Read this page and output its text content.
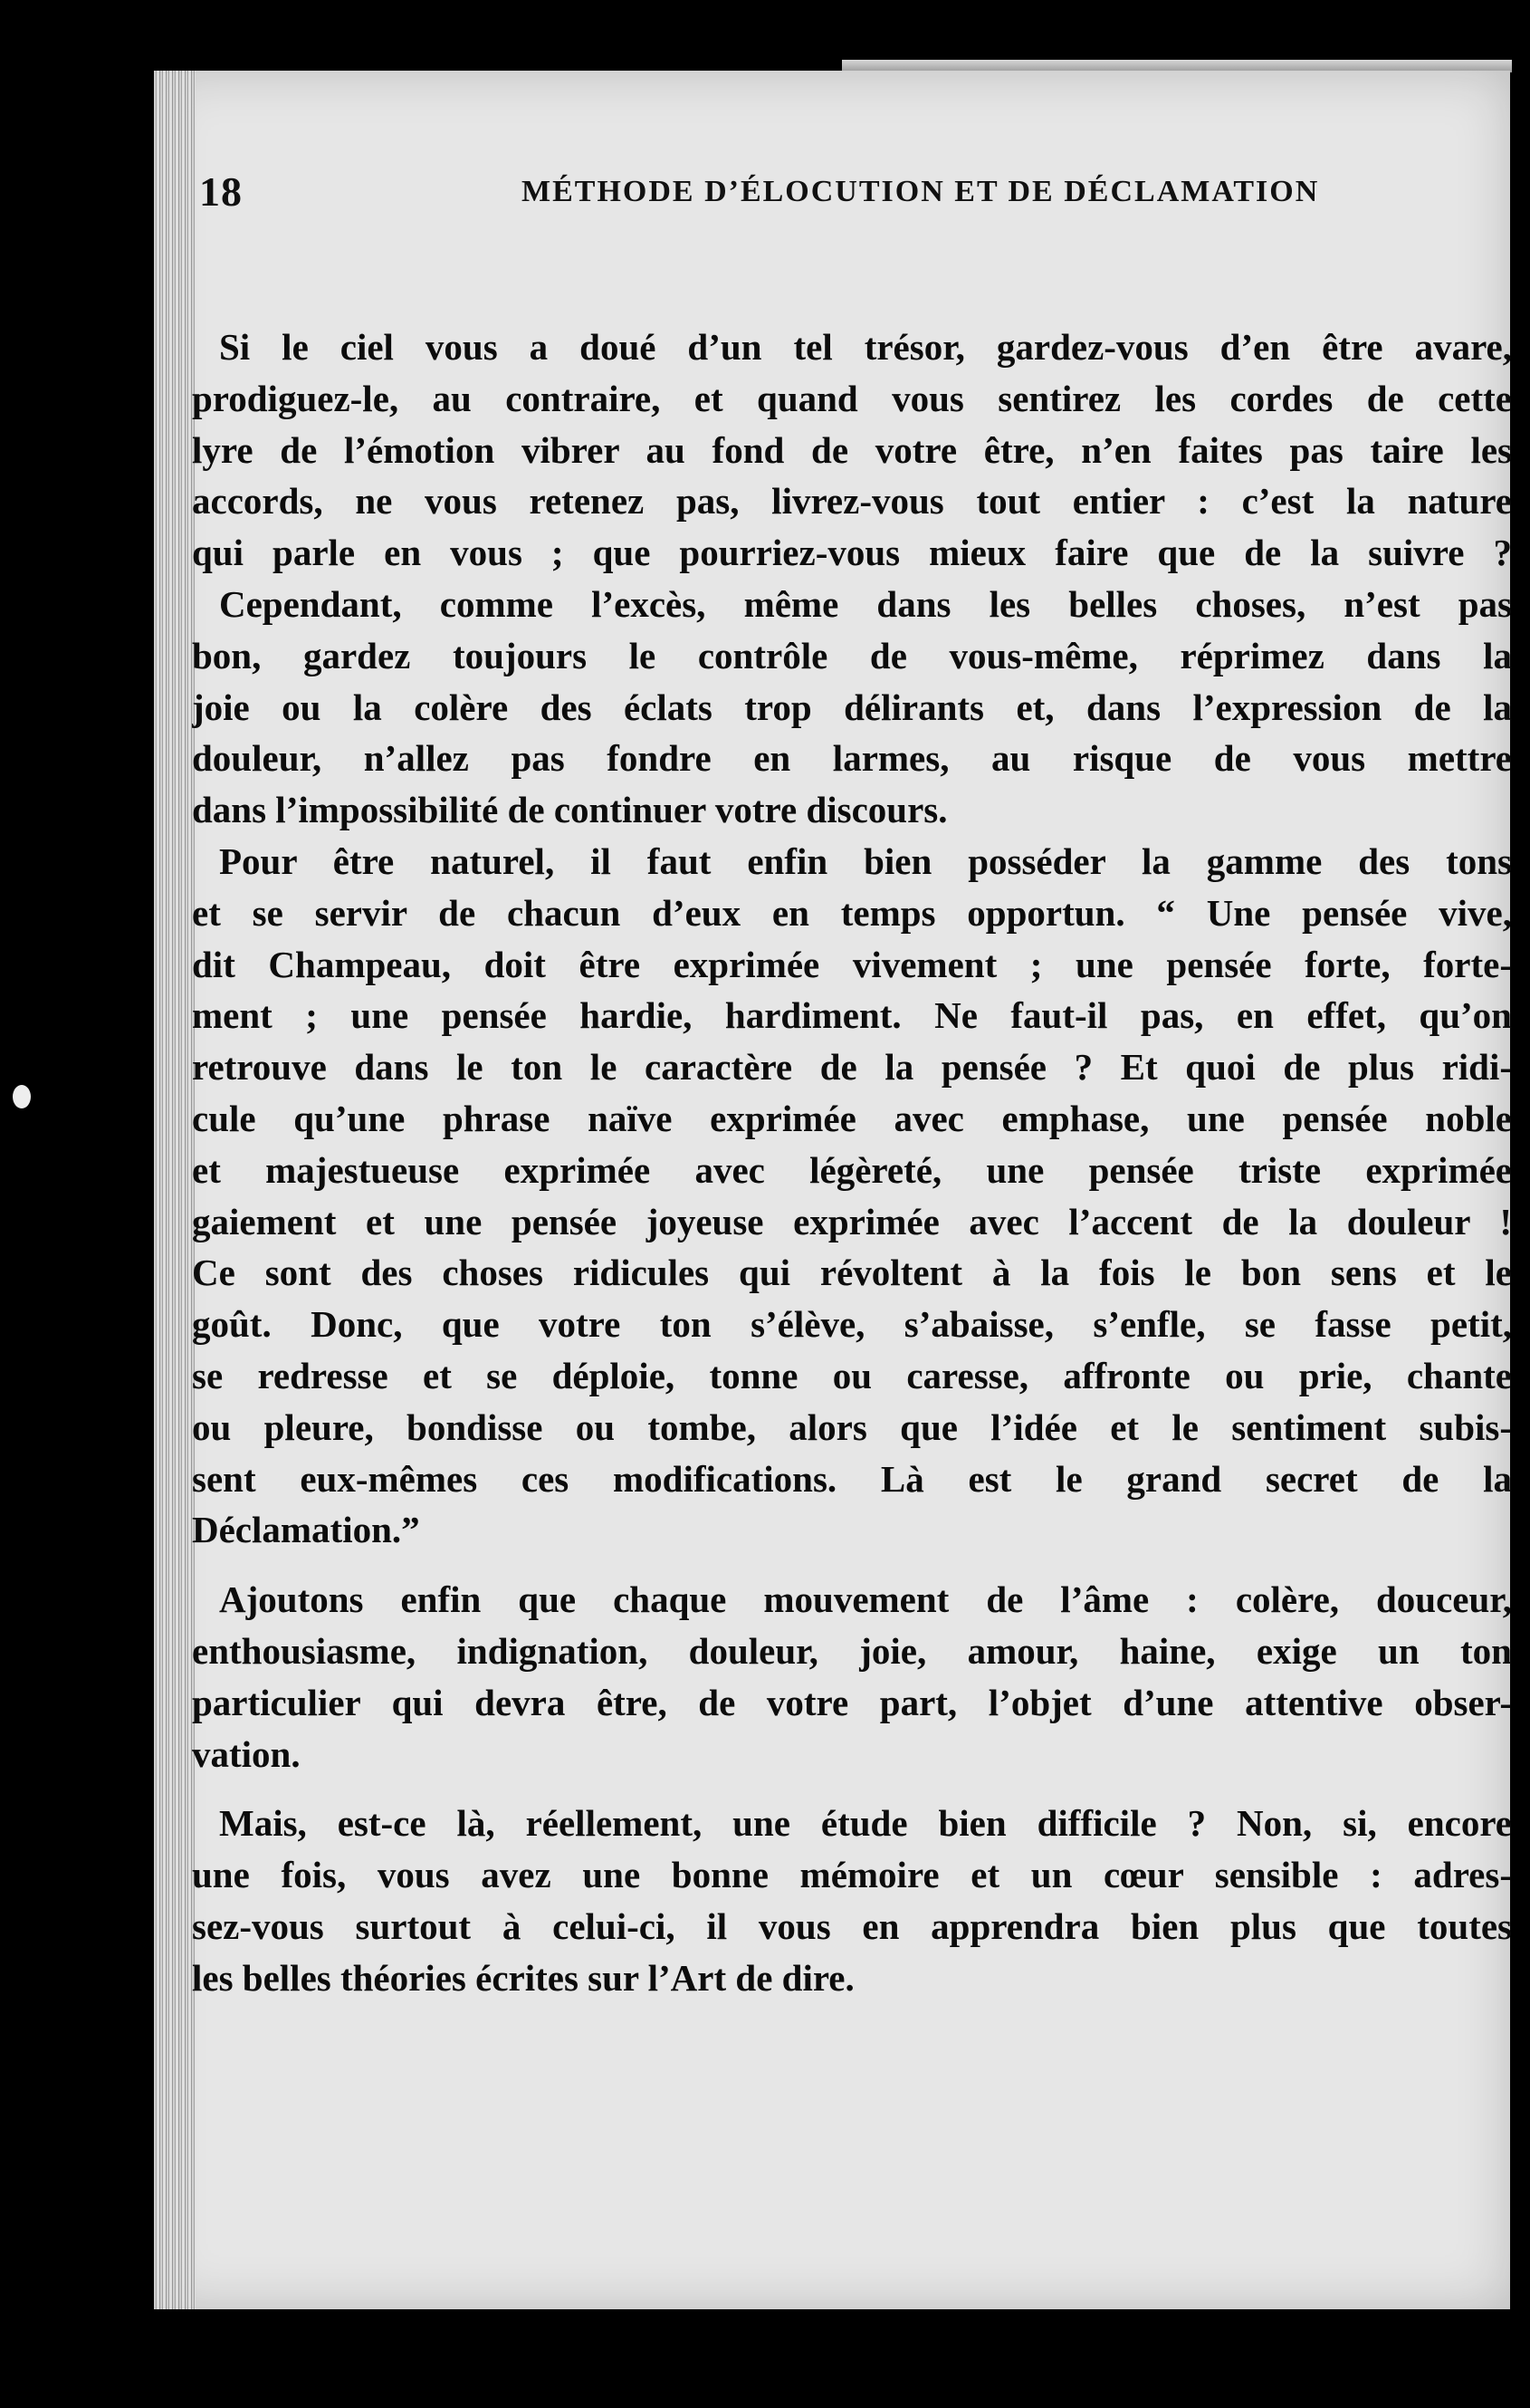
18	MÉTHODE D’ÉLOCUTION ET DE DÉCLAMATION
Si le ciel vous a doué d’un tel trésor, gardez-vous d’en être avare,
prodiguez-le, au contraire, et quand vous sentirez les cordes de cette
lyre de l’émotion vibrer au fond de votre être, n’en faites pas taire les
accords, ne vous retenez pas, livrez-vous tout entier : c’est la nature
qui parle en vous ; que pourriez-vous mieux faire que de la suivre ?
Cependant, comme l’excès, même dans les belles choses, n’est pas
bon, gardez toujours le contrôle de vous-même, réprimez dans la
joie ou la colère des éclats trop délirants et, dans l’expression de la
douleur, n’allez pas fondre en larmes, au risque de vous mettre
dans l’impossibilité de continuer votre discours.
Pour être naturel, il faut enfin bien posséder la gamme des tons
et se servir de chacun d’eux en temps opportun. “ Une pensée vive,
dit Champeau, doit être exprimée vivement ; une pensée forte, forte-
ment ; une pensée hardie, hardiment. Ne faut-il pas, en effet, qu’on
retrouve dans le ton le caractère de la pensée ? Et quoi de plus ridi-
cule qu’une phrase naïve exprimée avec emphase, une pensée noble
et majestueuse exprimée avec légèreté, une pensée triste exprimée
gaiement et une pensée joyeuse exprimée avec l’accent de la douleur !
Ce sont des choses ridicules qui révoltent à la fois le bon sens et le
goût. Donc, que votre ton s’élève, s’abaisse, s’enfle, se fasse petit,
se redresse et se déploie, tonne ou caresse, affronte ou prie, chante
ou pleure, bondisse ou tombe, alors que l’idée et le sentiment subis-
sent eux-mêmes ces modifications. Là est le grand secret de la
Déclamation.”
Ajoutons enfin que chaque mouvement de l’âme : colère, douceur,
enthousiasme, indignation, douleur, joie, amour, haine, exige un ton
particulier qui devra être, de votre part, l’objet d’une attentive obser-
vation.
Mais, est-ce là, réellement, une étude bien difficile ? Non, si, encore
une fois, vous avez une bonne mémoire et un cœur sensible : adres-
sez-vous surtout à celui-ci, il vous en apprendra bien plus que toutes
les belles théories écrites sur l’Art de dire.
